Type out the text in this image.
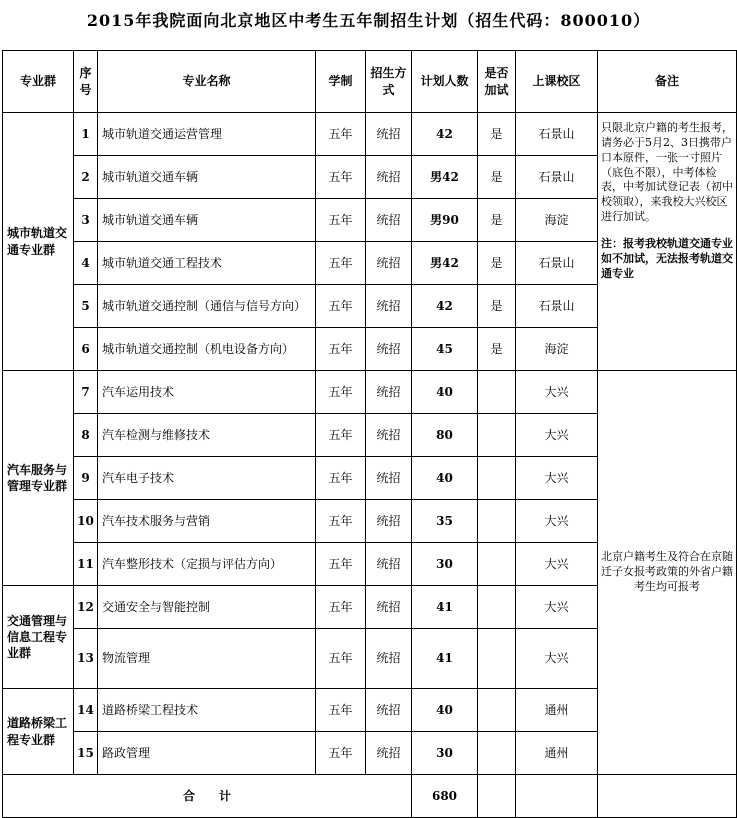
2015年我院面向北京地区中考生五年制招生计划（招生代码：800010）
专业群	序号	专业名称	学制	招生方式	计划人数	是否加试	上课校区	备注
城市轨道交通专业群	1	城市轨道交通运营管理	五年	统招	42	是	石景山	只限北京户籍的考生报考，请务必于5月2、3日携带户口本原件，一张一寸照片（底色不限），中考体检表，中考加试登记表（初中校领取），来我校大兴校区进行加试。
注：报考我校轨道交通专业如不加试，无法报考轨道交通专业

	2	城市轨道交通车辆	五年	统招	男42	是	石景山	
	3	城市轨道交通车辆	五年	统招	男90	是	海淀	
	4	城市轨道交通工程技术	五年	统招	男42	是	石景山	
	5	城市轨道交通控制（通信与信号方向）	五年	统招	42	是	石景山	
	6	城市轨道交通控制（机电设备方向）	五年	统招	45	是	海淀	
汽车服务与管理专业群	7	汽车运用技术	五年	统招	40		大兴	北京户籍考生及符合在京随迁子女报考政策的外省户籍考生均可报考
	8	汽车检测与维修技术	五年	统招	80		大兴	
	9	汽车电子技术	五年	统招	40		大兴	
	10	汽车技术服务与营销	五年	统招	35		大兴	
	11	汽车整形技术（定损与评估方向）	五年	统招	30		大兴	
交通管理与信息工程专业群	12	交通安全与智能控制	五年	统招	41		大兴	
	13	物流管理	五年	统招	41		大兴	
道路桥梁工程专业群	14	道路桥梁工程技术	五年	统招	40		通州	
	15	路政管理	五年	统招	30		通州	
合　　计					680			
